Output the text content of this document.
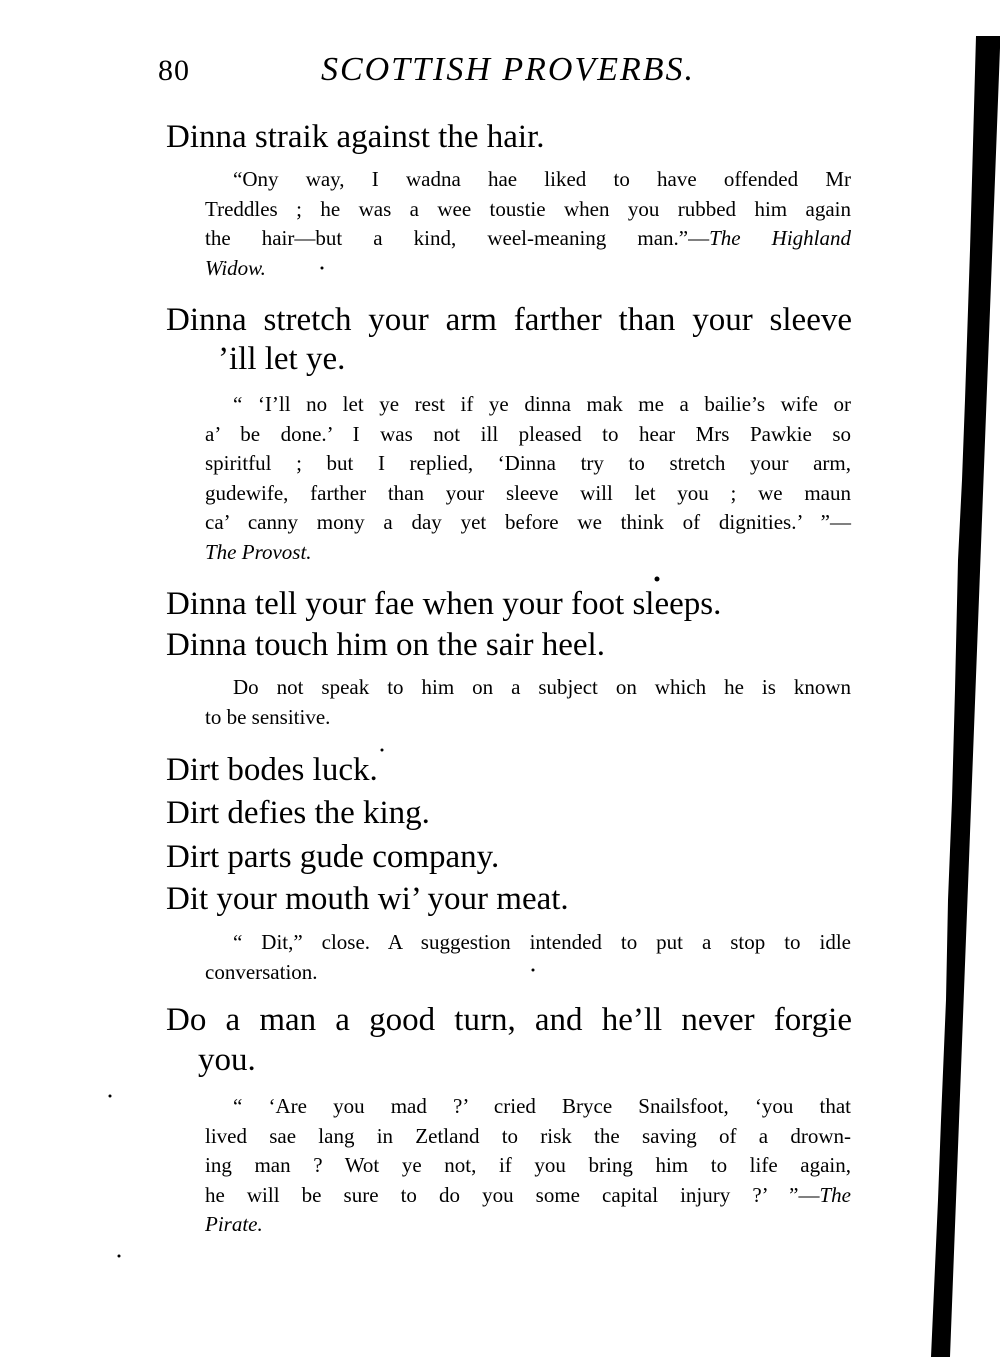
80	SCOTTISH PROVERBS.
Dinna straik against the hair.
“Ony way, I wadna hae liked to have offended Mr
Treddles ; he was a wee toustie when you rubbed him again
the hair—but a kind, weel-meaning man.”—The Highland
Widow.
Dinna stretch your arm farther than your sleeve
’ill let ye.
“ ‘I’ll no let ye rest if ye dinna mak me a bailie’s wife or
a’ be done.’ I was not ill pleased to hear Mrs Pawkie so
spiritful ; but I replied, ‘Dinna try to stretch your arm,
gudewife, farther than your sleeve will let you ; we maun
ca’ canny mony a day yet before we think of dignities.’ ”—
The Provost.
Dinna tell your fae when your foot sleeps.
Dinna touch him on the sair heel.
Do not speak to him on a subject on which he is known
to be sensitive.
Dirt bodes luck.
Dirt defies the king.
Dirt parts gude company.
Dit your mouth wi’ your meat.
“ Dit,” close. A suggestion intended to put a stop to idle
conversation.
Do a man a good turn, and he’ll never forgie
you.
“ ‘Are you mad ?’ cried Bryce Snailsfoot, ‘you that
lived sae lang in Zetland to risk the saving of a drown-
ing man ? Wot ye not, if you bring him to life again,
he will be sure to do you some capital injury ?’ ”—The
Pirate.
